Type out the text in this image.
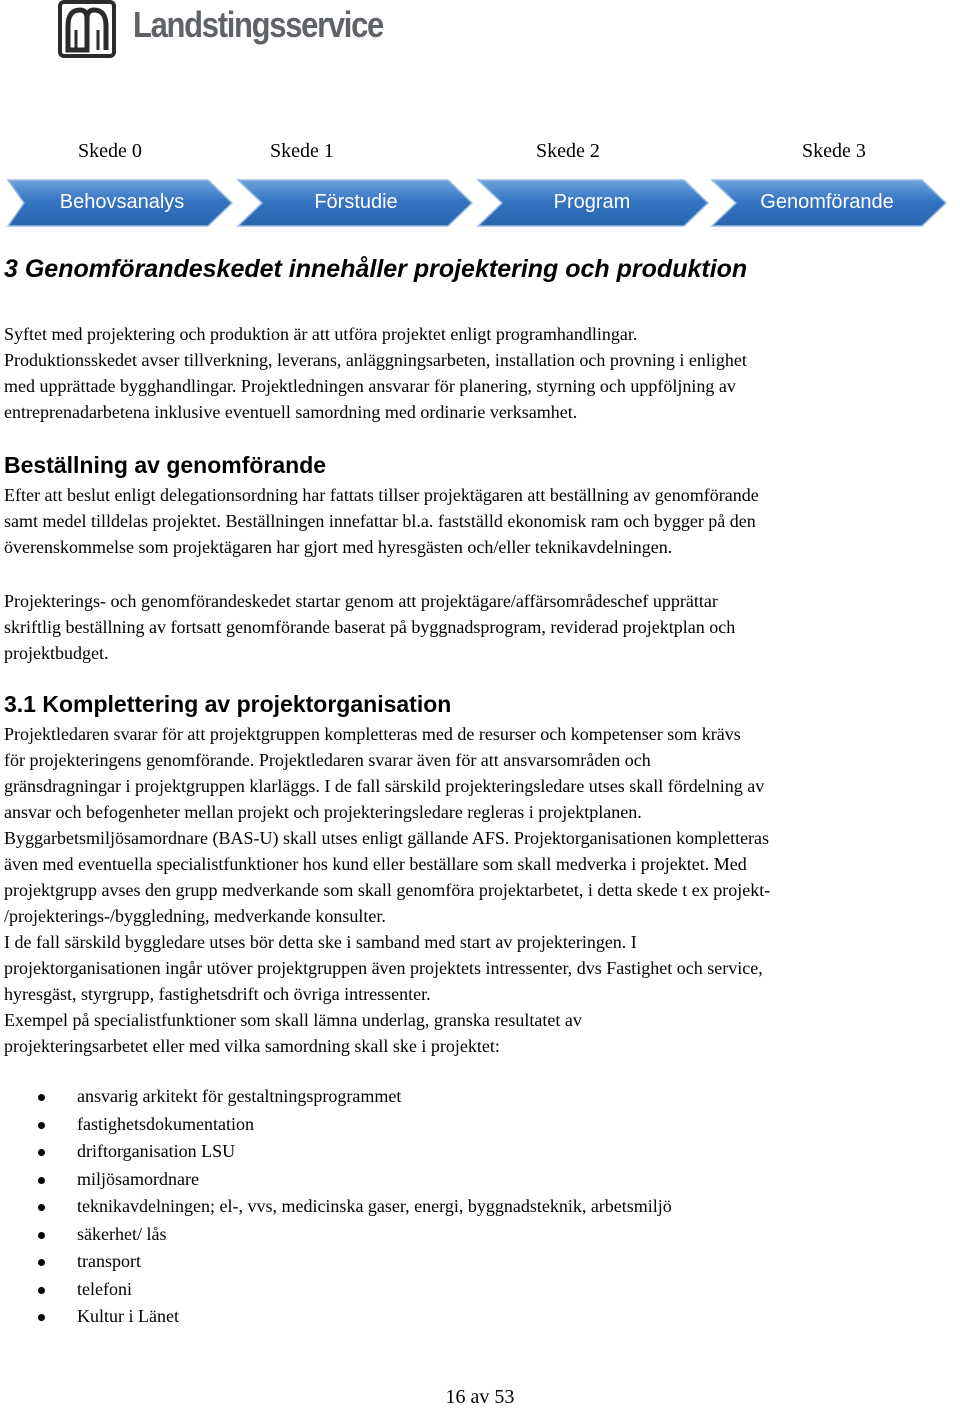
Landstingsservice
Skede 0	Skede 1	Skede 2	Skede 3
Behovsanalys	Förstudie	Program	Genomförande
3 Genomförandeskedet innehåller projektering och produktion

Syftet med projektering och produktion är att utföra projektet enligt programhandlingar.

Produktionsskedet avser tillverkning, leverans, anläggningsarbeten, installation och provning i enlighet

med upprättade bygghandlingar. Projektledningen ansvarar för planering, styrning och uppföljning av

entreprenadarbetena inklusive eventuell samordning med ordinarie verksamhet.

Beställning av genomförande

Efter att beslut enligt delegationsordning har fattats tillser projektägaren att beställning av genomförande

samt medel tilldelas projektet. Beställningen innefattar bl.a. fastställd ekonomisk ram och bygger på den

överenskommelse som projektägaren har gjort med hyresgästen och/eller teknikavdelningen.

Projekterings- och genomförandeskedet startar genom att projektägare/affärsområdeschef upprättar

skriftlig beställning av fortsatt genomförande baserat på byggnadsprogram, reviderad projektplan och

projektbudget.

3.1 Komplettering av projektorganisation

Projektledaren svarar för att projektgruppen kompletteras med de resurser och kompetenser som krävs

för projekteringens genomförande. Projektledaren svarar även för att ansvarsområden och

gränsdragningar i projektgruppen klarläggs. I de fall särskild projekteringsledare utses skall fördelning av

ansvar och befogenheter mellan projekt och projekteringsledare regleras i projektplanen.

Byggarbetsmiljösamordnare (BAS-U) skall utses enligt gällande AFS. Projektorganisationen kompletteras

även med eventuella specialistfunktioner hos kund eller beställare som skall medverka i projektet. Med

projektgrupp avses den grupp medverkande som skall genomföra projektarbetet, i detta skede t ex projekt-

/projekterings-/byggledning, medverkande konsulter.

I de fall särskild byggledare utses bör detta ske i samband med start av projekteringen. I

projektorganisationen ingår utöver projektgruppen även projektets intressenter, dvs Fastighet och service,

hyresgäst, styrgrupp, fastighetsdrift och övriga intressenter.

Exempel på specialistfunktioner som skall lämna underlag, granska resultatet av

projekteringsarbetet eller med vilka samordning skall ske i projektet:

ansvarig arkitekt för gestaltningsprogrammet
fastighetsdokumentation
driftorganisation LSU
miljösamordnare
teknikavdelningen; el-, vvs, medicinska gaser, energi, byggnadsteknik, arbetsmiljö
säkerhet/ lås
transport
telefoni
Kultur i Länet
16 av 53
